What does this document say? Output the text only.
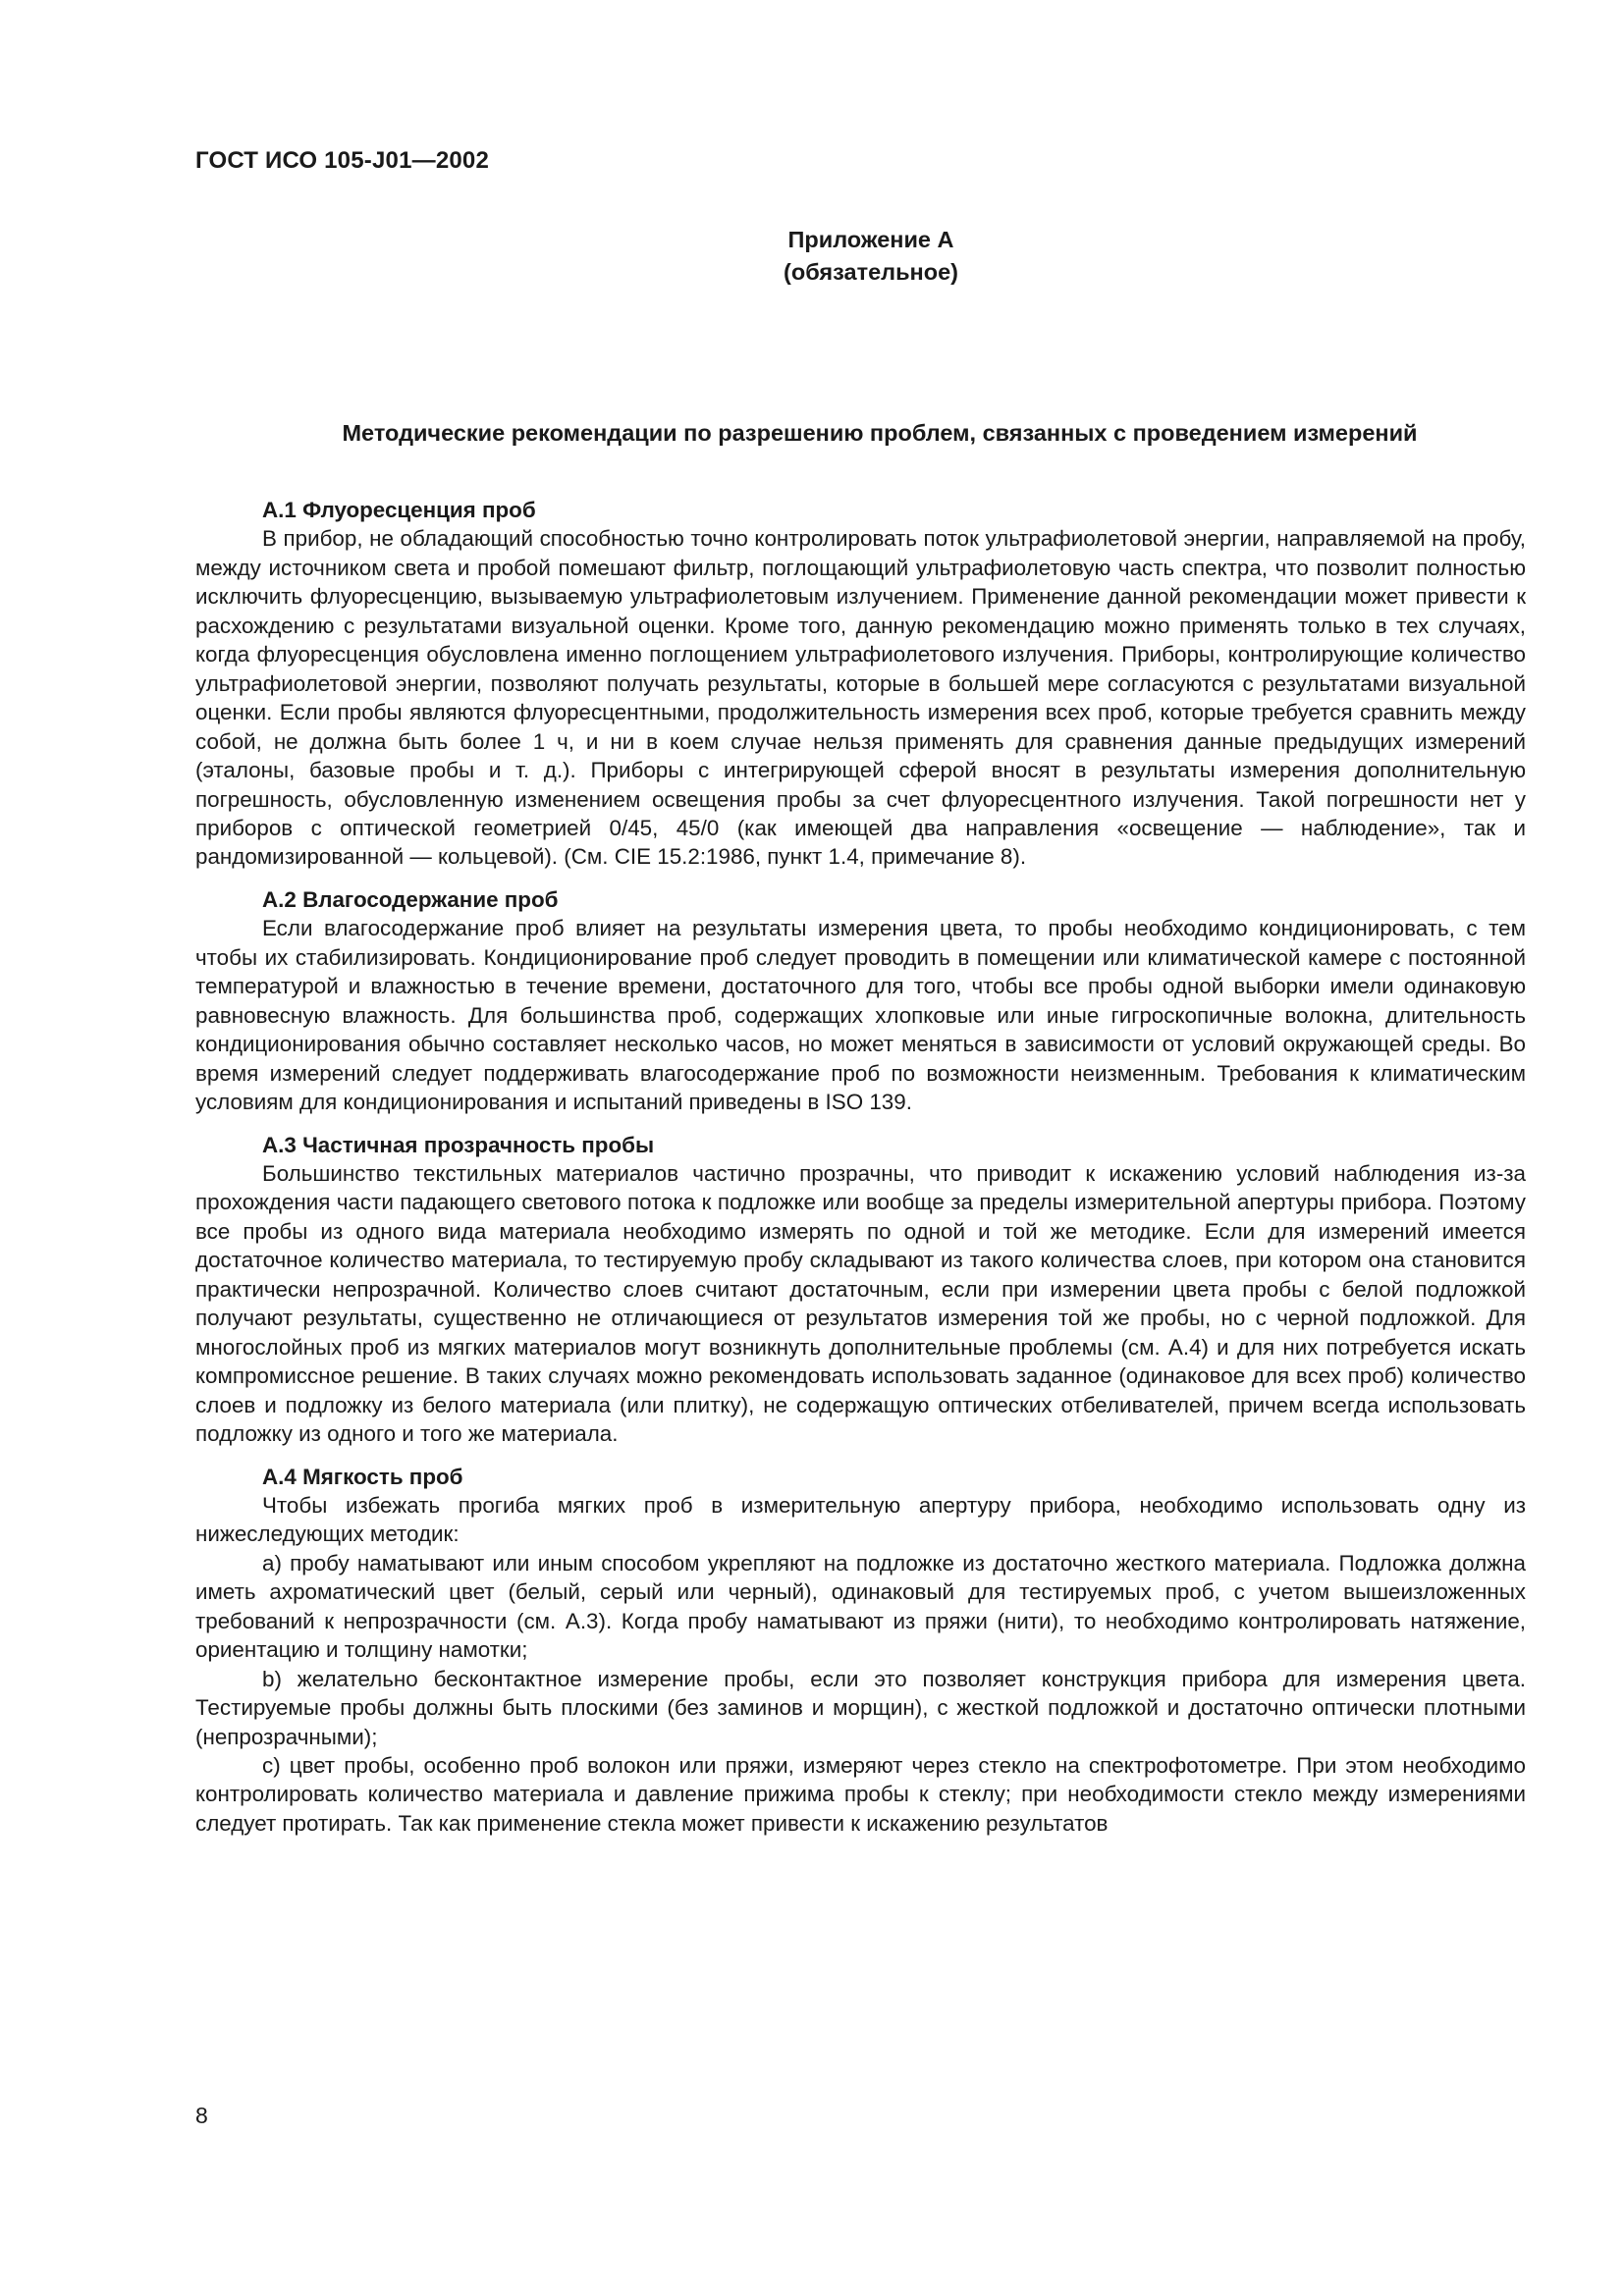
ГОСТ ИСО 105-J01—2002
Приложение А
(обязательное)
Методические рекомендации по разрешению проблем, связанных с проведением измерений
А.1 Флуоресценция проб

В прибор, не обладающий способностью точно контролировать поток ультрафиолетовой энергии, направляемой на пробу, между источником света и пробой помешают фильтр, поглощающий ультрафиолетовую часть спектра, что позволит полностью исключить флуоресценцию, вызываемую ультрафиолетовым излучением. Применение данной рекомендации может привести к расхождению с результатами визуальной оценки. Кроме того, данную рекомендацию можно применять только в тех случаях, когда флуоресценция обусловлена именно поглощением ультрафиолетового излучения. Приборы, контролирующие количество ультрафиолетовой энергии, позволяют получать результаты, которые в большей мере согласуются с результатами визуальной оценки. Если пробы являются флуоресцентными, продолжительность измерения всех проб, которые требуется сравнить между собой, не должна быть более 1 ч, и ни в коем случае нельзя применять для сравнения данные предыдущих измерений (эталоны, базовые пробы и т. д.). Приборы с интегрирующей сферой вносят в результаты измерения дополнительную погрешность, обусловленную изменением освещения пробы за счет флуоресцентного излучения. Такой погрешности нет у приборов с оптической геометрией 0/45, 45/0 (как имеющей два направления «освещение — наблюдение», так и рандомизированной — кольцевой). (См. CIE 15.2:1986, пункт 1.4, примечание 8).

А.2 Влагосодержание проб

Если влагосодержание проб влияет на результаты измерения цвета, то пробы необходимо кондиционировать, с тем чтобы их стабилизировать. Кондиционирование проб следует проводить в помещении или климатической камере с постоянной температурой и влажностью в течение времени, достаточного для того, чтобы все пробы одной выборки имели одинаковую равновесную влажность. Для большинства проб, содержащих хлопковые или иные гигроскопичные волокна, длительность кондиционирования обычно составляет несколько часов, но может меняться в зависимости от условий окружающей среды. Во время измерений следует поддерживать влагосодержание проб по возможности неизменным. Требования к климатическим условиям для кондиционирования и испытаний приведены в ISO 139.

А.3 Частичная прозрачность пробы

Большинство текстильных материалов частично прозрачны, что приводит к искажению условий наблюдения из-за прохождения части падающего светового потока к подложке или вообще за пределы измерительной апертуры прибора. Поэтому все пробы из одного вида материала необходимо измерять по одной и той же методике. Если для измерений имеется достаточное количество материала, то тестируемую пробу складывают из такого количества слоев, при котором она становится практически непрозрачной. Количество слоев считают достаточным, если при измерении цвета пробы с белой подложкой получают результаты, существенно не отличающиеся от результатов измерения той же пробы, но с черной подложкой. Для многослойных проб из мягких материалов могут возникнуть дополнительные проблемы (см. А.4) и для них потребуется искать компромиссное решение. В таких случаях можно рекомендовать использовать заданное (одинаковое для всех проб) количество слоев и подложку из белого материала (или плитку), не содержащую оптических отбеливателей, причем всегда использовать подложку из одного и того же материала.

А.4 Мягкость проб

Чтобы избежать прогиба мягких проб в измерительную апертуру прибора, необходимо использовать одну из нижеследующих методик:

a) пробу наматывают или иным способом укрепляют на подложке из достаточно жесткого материала. Подложка должна иметь ахроматический цвет (белый, серый или черный), одинаковый для тестируемых проб, с учетом вышеизложенных требований к непрозрачности (см. А.3). Когда пробу наматывают из пряжи (нити), то необходимо контролировать натяжение, ориентацию и толщину намотки;

b) желательно бесконтактное измерение пробы, если это позволяет конструкция прибора для измерения цвета. Тестируемые пробы должны быть плоскими (без заминов и морщин), с жесткой подложкой и достаточно оптически плотными (непрозрачными);

c) цвет пробы, особенно проб волокон или пряжи, измеряют через стекло на спектрофотометре. При этом необходимо контролировать количество материала и давление прижима пробы к стеклу; при необходимости стекло между измерениями следует протирать. Так как применение стекла может привести к искажению результатов

8
